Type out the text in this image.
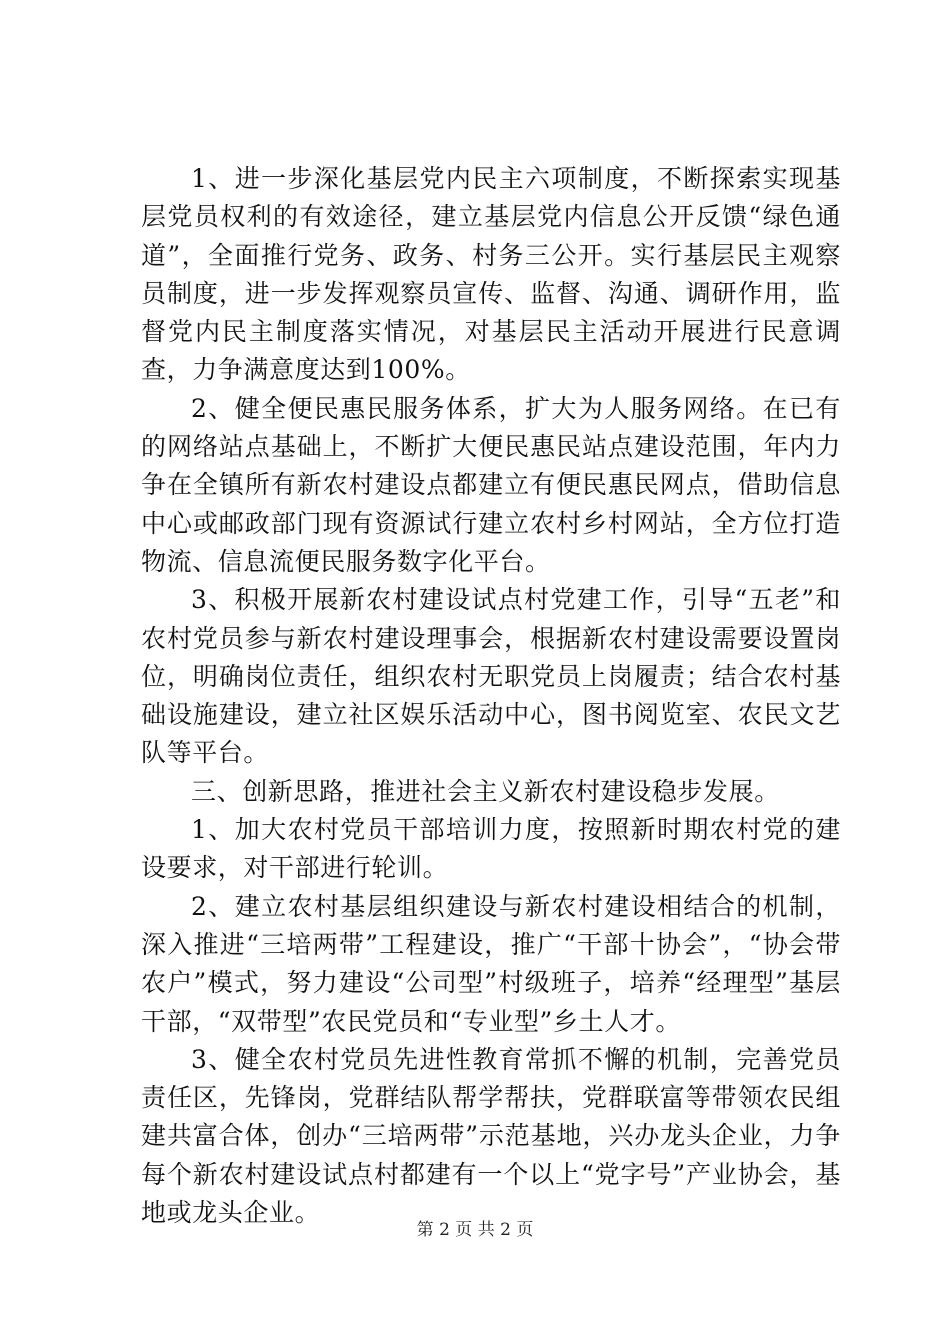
1、进一步深化基层党内民主六项制度，不断探索实现基层党员权利的有效途径，建立基层党内信息公开反馈“绿色通道”，全面推行党务、政务、村务三公开。实行基层民主观察员制度，进一步发挥观察员宣传、监督、沟通、调研作用，监督党内民主制度落实情况，对基层民主活动开展进行民意调查，力争满意度达到100%。

2、健全便民惠民服务体系，扩大为人服务网络。在已有的网络站点基础上，不断扩大便民惠民站点建设范围，年内力争在全镇所有新农村建设点都建立有便民惠民网点，借助信息中心或邮政部门现有资源试行建立农村乡村网站，全方位打造物流、信息流便民服务数字化平台。

3、积极开展新农村建设试点村党建工作，引导“五老”和农村党员参与新农村建设理事会，根据新农村建设需要设置岗位，明确岗位责任，组织农村无职党员上岗履责；结合农村基础设施建设，建立社区娱乐活动中心，图书阅览室、农民文艺队等平台。

三、创新思路，推进社会主义新农村建设稳步发展。

1、加大农村党员干部培训力度，按照新时期农村党的建设要求，对干部进行轮训。

2、建立农村基层组织建设与新农村建设相结合的机制，深入推进“三培两带”工程建设，推广“干部十协会”，“协会带农户”模式，努力建设“公司型”村级班子，培养“经理型”基层干部，“双带型”农民党员和“专业型”乡土人才。

3、健全农村党员先进性教育常抓不懈的机制，完善党员责任区，先锋岗，党群结队帮学帮扶，党群联富等带领农民组建共富合体，创办“三培两带”示范基地，兴办龙头企业，力争每个新农村建设试点村都建有一个以上“党字号”产业协会，基地或龙头企业。

第 2 页 共 2 页
